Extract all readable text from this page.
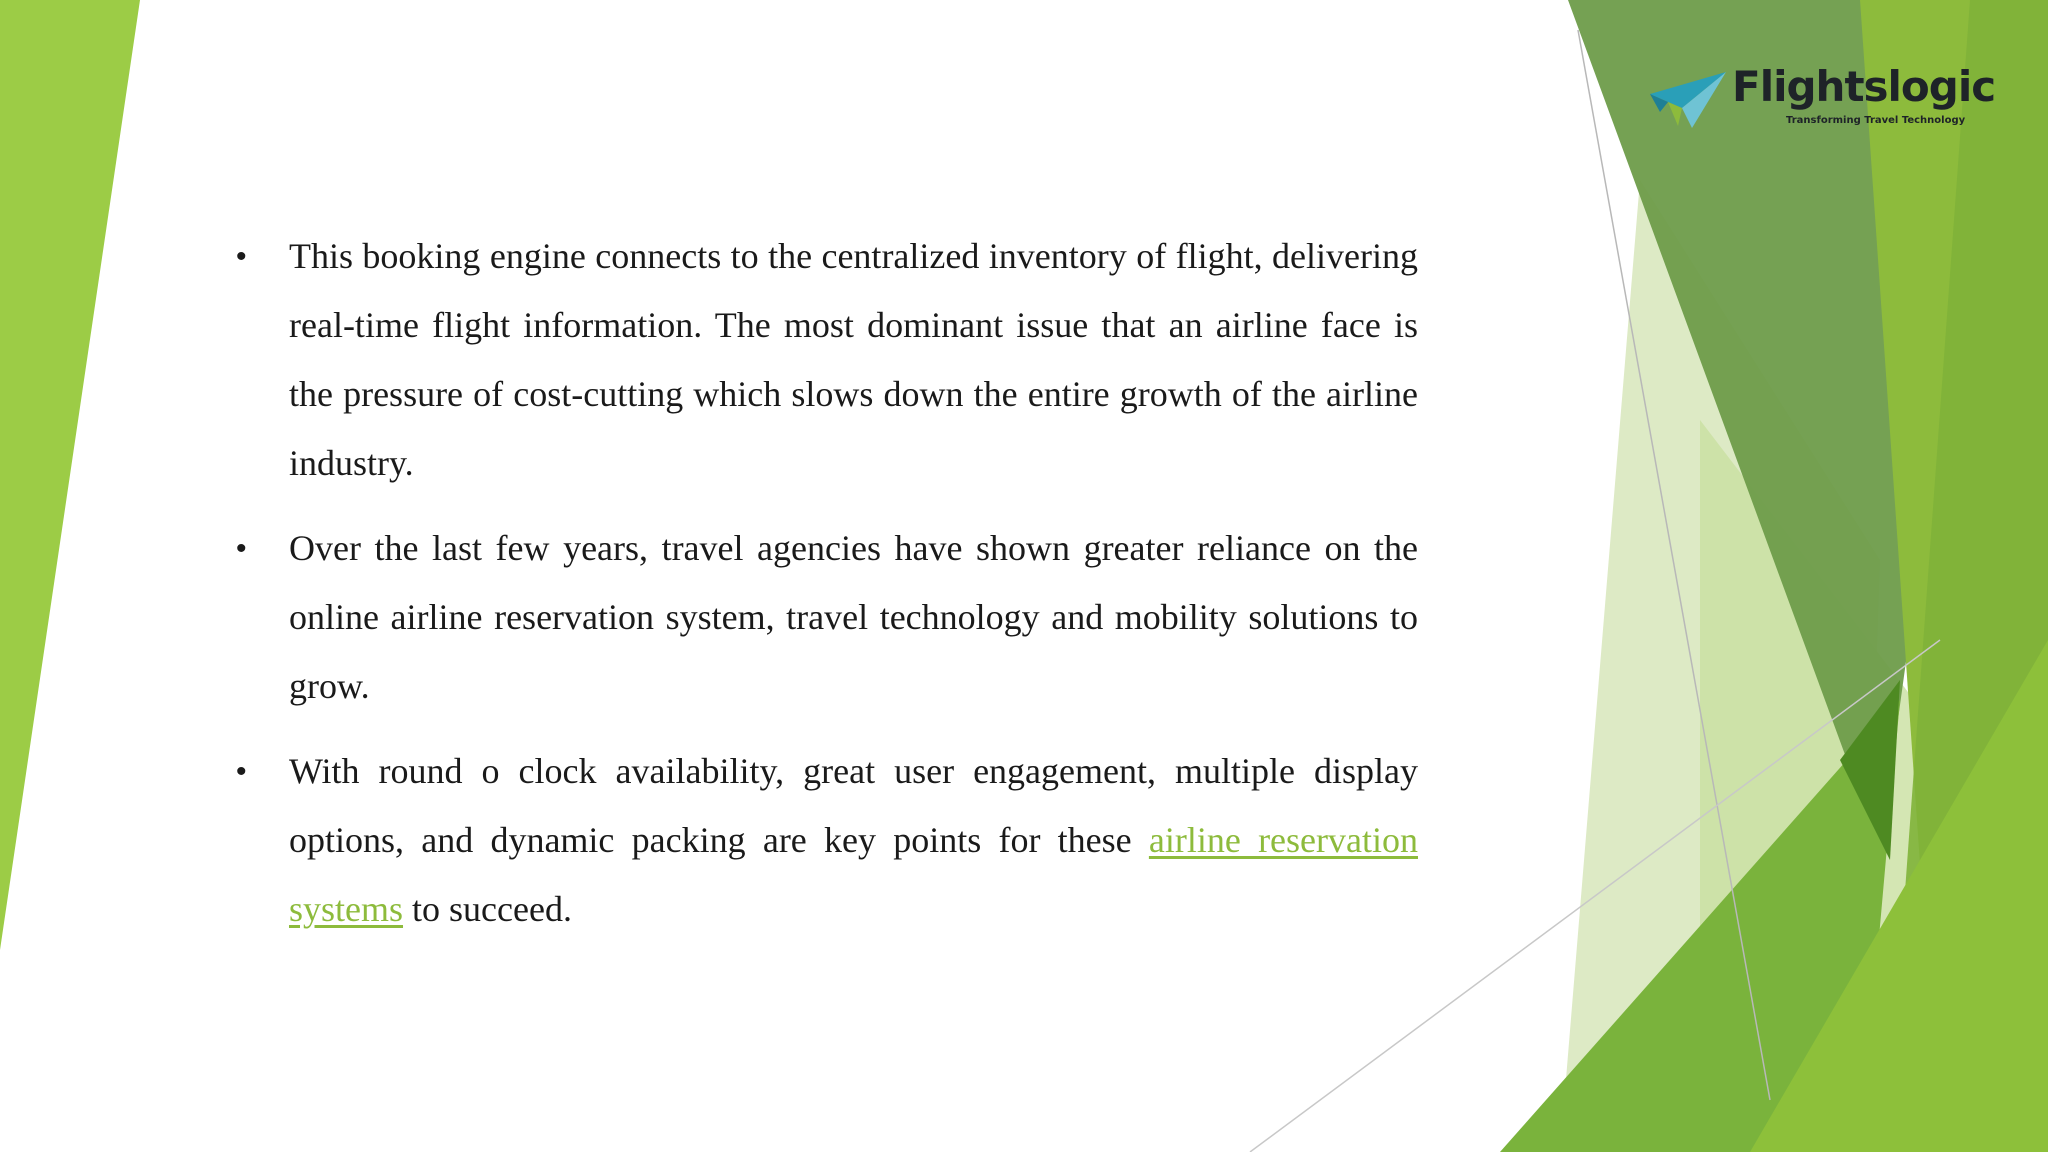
Flightslogic
Transforming Travel Technology
• This booking engine connects to the centralized inventory of flight, delivering real-time flight information. The most dominant issue that an airline face is the pressure of cost-cutting which slows down the entire growth of the airline industry.
• Over the last few years, travel agencies have shown greater reliance on the online airline reservation system, travel technology and mobility solutions to grow.
• With round o clock availability, great user engagement, multiple display options, and dynamic packing are key points for these airline reservation systems to succeed.
